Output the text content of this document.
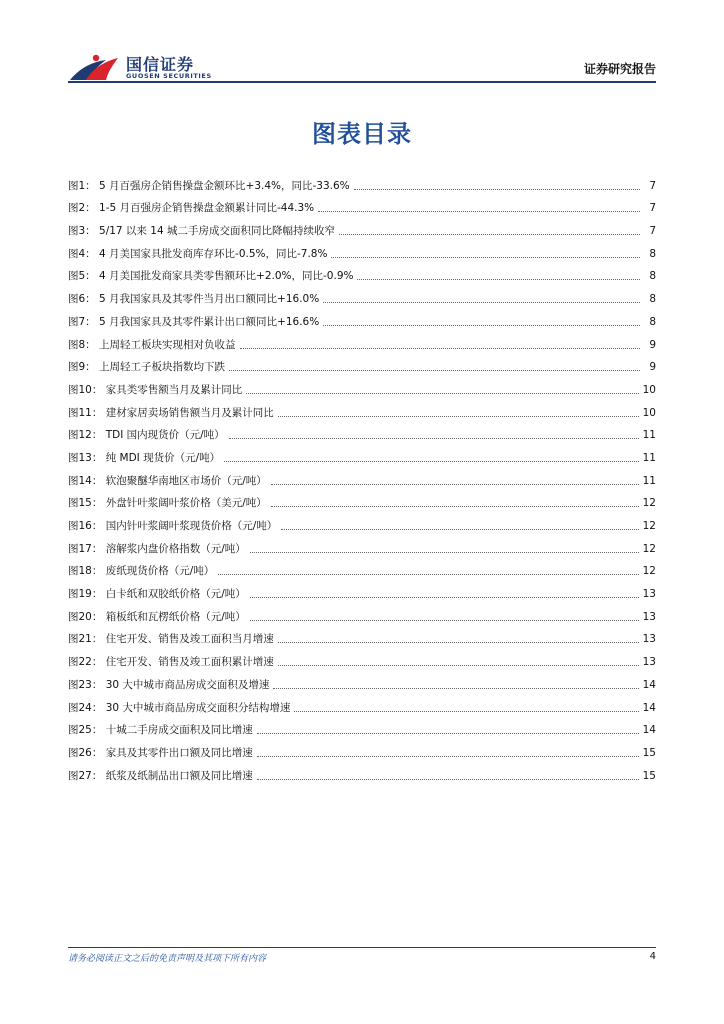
国信证券
GUOSEN SECURITIES	证券研究报告
图表目录
图1： 5 月百强房企销售操盘金额环比+3.4%，同比-33.6%	7
图2： 1-5 月百强房企销售操盘金额累计同比-44.3%	7
图3： 5/17 以来 14 城二手房成交面积同比降幅持续收窄	7
图4： 4 月美国家具批发商库存环比-0.5%，同比-7.8%	8
图5： 4 月美国批发商家具类零售额环比+2.0%，同比-0.9%	8
图6： 5 月我国家具及其零件当月出口额同比+16.0%	8
图7： 5 月我国家具及其零件累计出口额同比+16.6%	8
图8： 上周轻工板块实现相对负收益	9
图9： 上周轻工子板块指数均下跌	9
图10： 家具类零售额当月及累计同比	10
图11： 建材家居卖场销售额当月及累计同比	10
图12： TDI 国内现货价（元/吨）	11
图13： 纯 MDI 现货价（元/吨）	11
图14： 软泡聚醚华南地区市场价（元/吨）	11
图15： 外盘针叶浆阔叶浆价格（美元/吨）	12
图16： 国内针叶浆阔叶浆现货价格（元/吨）	12
图17： 溶解浆内盘价格指数（元/吨）	12
图18： 废纸现货价格（元/吨）	12
图19： 白卡纸和双胶纸价格（元/吨）	13
图20： 箱板纸和瓦楞纸价格（元/吨）	13
图21： 住宅开发、销售及竣工面积当月增速	13
图22： 住宅开发、销售及竣工面积累计增速	13
图23： 30 大中城市商品房成交面积及增速	14
图24： 30 大中城市商品房成交面积分结构增速	14
图25： 十城二手房成交面积及同比增速	14
图26： 家具及其零件出口额及同比增速	15
图27： 纸浆及纸制品出口额及同比增速	15
请务必阅读正文之后的免责声明及其项下所有内容	4
